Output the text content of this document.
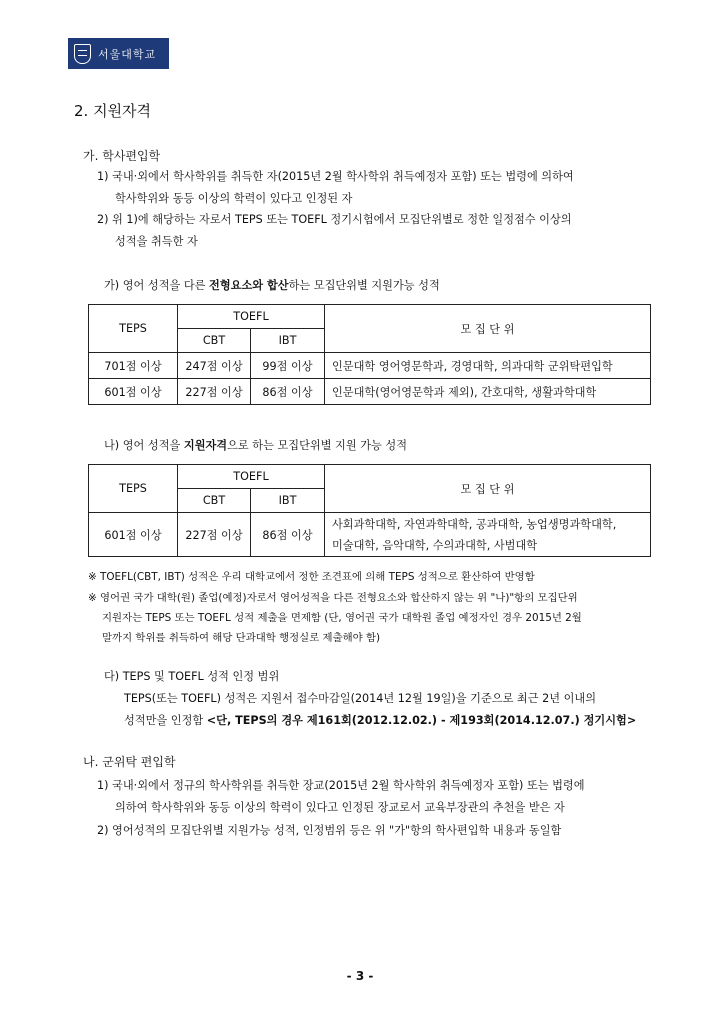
서울대학교
2. 지원자격
가. 학사편입학
1) 국내·외에서 학사학위를 취득한 자(2015년 2월 학사학위 취득예정자 포함) 또는 법령에 의하여
학사학위와 동등 이상의 학력이 있다고 인정된 자
2) 위 1)에 해당하는 자로서 TEPS 또는 TOEFL 정기시험에서 모집단위별로 정한 일정점수 이상의
성적을 취득한 자
가) 영어 성적을 다른 전형요소와 합산하는 모집단위별 지원가능 성적
TEPS	TOEFL		모 집 단 위
	CBT	IBT	
701점 이상	247점 이상	99점 이상	인문대학 영어영문학과, 경영대학, 의과대학 군위탁편입학
601점 이상	227점 이상	86점 이상	인문대학(영어영문학과 제외), 간호대학, 생활과학대학
나) 영어 성적을 지원자격으로 하는 모집단위별 지원 가능 성적
TEPS	TOEFL		모 집 단 위
	CBT	IBT	
601점 이상	227점 이상	86점 이상	사회과학대학, 자연과학대학, 공과대학, 농업생명과학대학,
미술대학, 음악대학, 수의과대학, 사범대학
※ TOEFL(CBT, IBT) 성적은 우리 대학교에서 정한 조견표에 의해 TEPS 성적으로 환산하여 반영함
※ 영어권 국가 대학(원) 졸업(예정)자로서 영어성적을 다른 전형요소와 합산하지 않는 위 "나)"항의 모집단위
지원자는 TEPS 또는 TOEFL 성적 제출을 면제함 (단, 영어권 국가 대학원 졸업 예정자인 경우 2015년 2월
말까지 학위를 취득하여 해당 단과대학 행정실로 제출해야 함)
다) TEPS 및 TOEFL 성적 인정 범위
TEPS(또는 TOEFL) 성적은 지원서 접수마감일(2014년 12월 19일)을 기준으로 최근 2년 이내의
성적만을 인정함 <단, TEPS의 경우 제161회(2012.12.02.) - 제193회(2014.12.07.) 정기시험>
나. 군위탁 편입학
1) 국내·외에서 정규의 학사학위를 취득한 장교(2015년 2월 학사학위 취득예정자 포함) 또는 법령에
의하여 학사학위와 동등 이상의 학력이 있다고 인정된 장교로서 교육부장관의 추천을 받은 자
2) 영어성적의 모집단위별 지원가능 성적, 인정범위 등은 위 "가"항의 학사편입학 내용과 동일함
- 3 -
